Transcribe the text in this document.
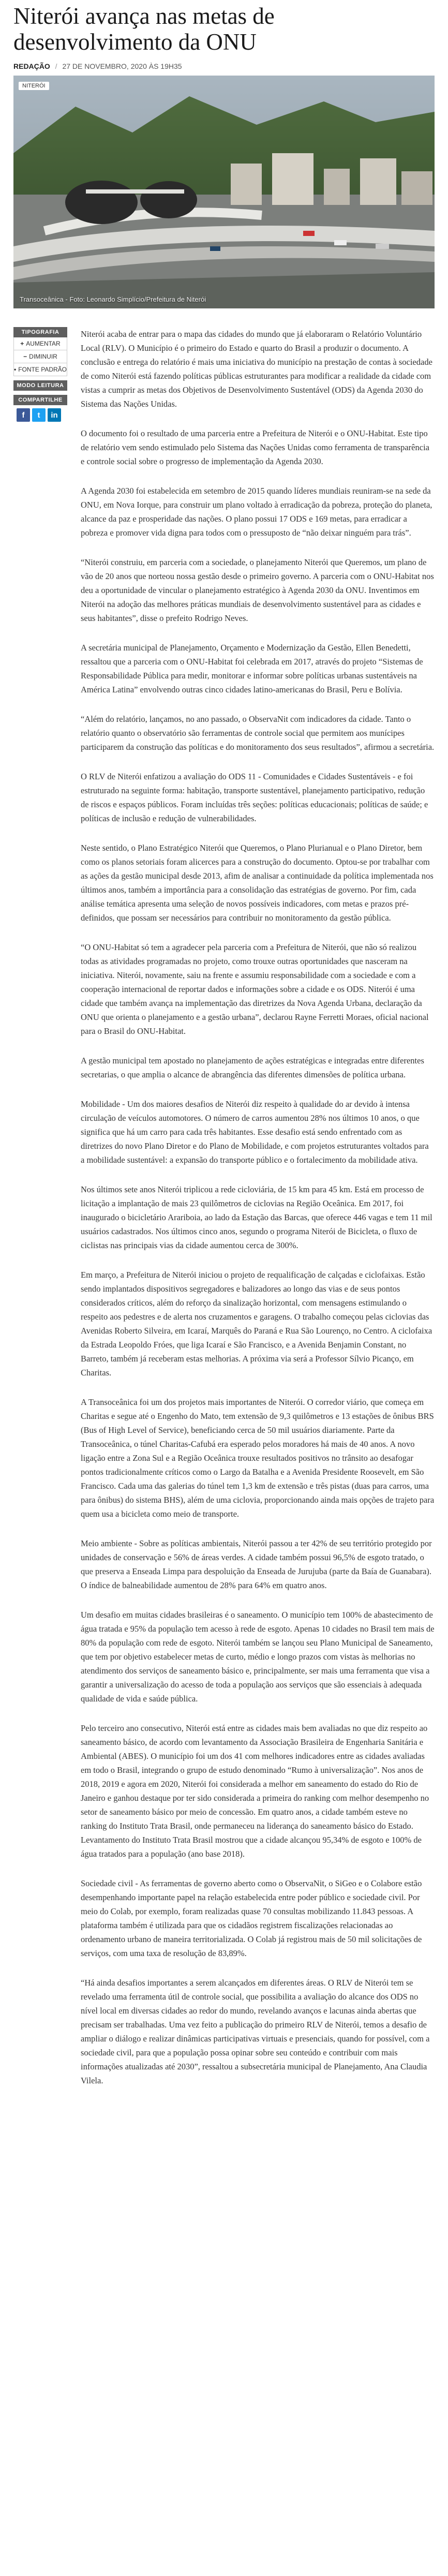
Niterói avança nas metas de desenvolvimento da ONU
REDAÇÃO / 27 DE NOVEMBRO, 2020 ÀS 19H35
NITERÓI
Transoceânica - Foto: Leonardo Simplício/Prefeitura de Niterói
TIPOGRAFIA
+ AUMENTAR
− DIMINUIR
• FONTE PADRÃO
MODO LEITURA
COMPARTILHE
f	t	in

Niterói acaba de entrar para o mapa das cidades do mundo que já elaboraram o Relatório Voluntário Local (RLV). O Município é o primeiro do Estado e quarto do Brasil a produzir o documento. A conclusão e entrega do relatório é mais uma iniciativa do município na prestação de contas à sociedade de como Niterói está fazendo políticas públicas estruturantes para modificar a realidade da cidade com vistas a cumprir as metas dos Objetivos de Desenvolvimento Sustentável (ODS) da Agenda 2030 do Sistema das Nações Unidas.

O documento foi o resultado de uma parceria entre a Prefeitura de Niterói e o ONU-Habitat. Este tipo de relatório vem sendo estimulado pelo Sistema das Nações Unidas como ferramenta de transparência e controle social sobre o progresso de implementação da Agenda 2030.

A Agenda 2030 foi estabelecida em setembro de 2015 quando líderes mundiais reuniram-se na sede da ONU, em Nova Iorque, para construir um plano voltado à erradicação da pobreza, proteção do planeta, alcance da paz e prosperidade das nações. O plano possui 17 ODS e 169 metas, para erradicar a pobreza e promover vida digna para todos com o pressuposto de “não deixar ninguém para trás”.

“Niterói construiu, em parceria com a sociedade, o planejamento Niterói que Queremos, um plano de vão de 20 anos que norteou nossa gestão desde o primeiro governo. A parceria com o ONU-Habitat nos deu a oportunidade de vincular o planejamento estratégico à Agenda 2030 da ONU. Inventimos em Niterói na adoção das melhores práticas mundiais de desenvolvimento sustentável para as cidades e seus habitantes”, disse o prefeito Rodrigo Neves.

A secretária municipal de Planejamento, Orçamento e Modernização da Gestão, Ellen Benedetti, ressaltou que a parceria com o ONU-Habitat foi celebrada em 2017, através do projeto “Sistemas de Responsabilidade Pública para medir, monitorar e informar sobre políticas urbanas sustentáveis na América Latina” envolvendo outras cinco cidades latino-americanas do Brasil, Peru e Bolívia.

“Além do relatório, lançamos, no ano passado, o ObservaNit com indicadores da cidade. Tanto o relatório quanto o observatório são ferramentas de controle social que permitem aos munícipes participarem da construção das políticas e do monitoramento dos seus resultados”, afirmou a secretária.

O RLV de Niterói enfatizou a avaliação do ODS 11 - Comunidades e Cidades Sustentáveis - e foi estruturado na seguinte forma: habitação, transporte sustentável, planejamento participativo, redução de riscos e espaços públicos. Foram incluídas três seções: políticas educacionais; políticas de saúde; e políticas de inclusão e redução de vulnerabilidades.

Neste sentido, o Plano Estratégico Niterói que Queremos, o Plano Plurianual e o Plano Diretor, bem como os planos setoriais foram alicerces para a construção do documento. Optou-se por trabalhar com as ações da gestão municipal desde 2013, afim de analisar a continuidade da política implementada nos últimos anos, também a importância para a consolidação das estratégias de governo. Por fim, cada análise temática apresenta uma seleção de novos possíveis indicadores, com metas e prazos pré-definidos, que possam ser necessários para contribuir no monitoramento da gestão pública.

“O ONU-Habitat só tem a agradecer pela parceria com a Prefeitura de Niterói, que não só realizou todas as atividades programadas no projeto, como trouxe outras oportunidades que nasceram na iniciativa. Niterói, novamente, saiu na frente e assumiu responsabilidade com a sociedade e com a cooperação internacional de reportar dados e informações sobre a cidade e os ODS. Niterói é uma cidade que também avança na implementação das diretrizes da Nova Agenda Urbana, declaração da ONU que orienta o planejamento e a gestão urbana”, declarou Rayne Ferretti Moraes, oficial nacional para o Brasil do ONU-Habitat.

A gestão municipal tem apostado no planejamento de ações estratégicas e integradas entre diferentes secretarias, o que amplia o alcance de abrangência das diferentes dimensões de política urbana.

Mobilidade - Um dos maiores desafios de Niterói diz respeito à qualidade do ar devido à intensa circulação de veículos automotores. O número de carros aumentou 28% nos últimos 10 anos, o que significa que há um carro para cada três habitantes. Esse desafio está sendo enfrentado com as diretrizes do novo Plano Diretor e do Plano de Mobilidade, e com projetos estruturantes voltados para a mobilidade sustentável: a expansão do transporte público e o fortalecimento da mobilidade ativa.

Nos últimos sete anos Niterói triplicou a rede cicloviária, de 15 km para 45 km. Está em processo de licitação a implantação de mais 23 quilômetros de ciclovias na Região Oceânica. Em 2017, foi inaugurado o bicicletário Arariboia, ao lado da Estação das Barcas, que oferece 446 vagas e tem 11 mil usuários cadastrados. Nos últimos cinco anos, segundo o programa Niterói de Bicicleta, o fluxo de ciclistas nas principais vias da cidade aumentou cerca de 300%.

Em março, a Prefeitura de Niterói iniciou o projeto de requalificação de calçadas e ciclofaixas. Estão sendo implantados dispositivos segregadores e balizadores ao longo das vias e de seus pontos considerados críticos, além do reforço da sinalização horizontal, com mensagens estimulando o respeito aos pedestres e de alerta nos cruzamentos e garagens. O trabalho começou pelas ciclovias das Avenidas Roberto Silveira, em Icaraí, Marquês do Paraná e Rua São Lourenço, no Centro. A ciclofaixa da Estrada Leopoldo Fróes, que liga Icaraí e São Francisco, e a Avenida Benjamin Constant, no Barreto, também já receberam estas melhorias. A próxima via será a Professor Sílvio Picanço, em Charitas.

A Transoceânica foi um dos projetos mais importantes de Niterói. O corredor viário, que começa em Charitas e segue até o Engenho do Mato, tem extensão de 9,3 quilômetros e 13 estações de ônibus BRS (Bus of High Level of Service), beneficiando cerca de 50 mil usuários diariamente. Parte da Transoceânica, o túnel Charitas-Cafubá era esperado pelos moradores há mais de 40 anos. A novo ligação entre a Zona Sul e a Região Oceânica trouxe resultados positivos no trânsito ao desafogar pontos tradicionalmente críticos como o Largo da Batalha e a Avenida Presidente Roosevelt, em São Francisco. Cada uma das galerias do túnel tem 1,3 km de extensão e três pistas (duas para carros, uma para ônibus) do sistema BHS), além de uma ciclovia, proporcionando ainda mais opções de trajeto para quem usa a bicicleta como meio de transporte.

Meio ambiente - Sobre as políticas ambientais, Niterói passou a ter 42% de seu território protegido por unidades de conservação e 56% de áreas verdes. A cidade também possui 96,5% de esgoto tratado, o que preserva a Enseada Limpa para despoluição da Enseada de Jurujuba (parte da Baía de Guanabara). O índice de balneabilidade aumentou de 28% para 64% em quatro anos.

Um desafio em muitas cidades brasileiras é o saneamento. O município tem 100% de abastecimento de água tratada e 95% da população tem acesso à rede de esgoto. Apenas 10 cidades no Brasil tem mais de 80% da população com rede de esgoto. Niterói também se lançou seu Plano Municipal de Saneamento, que tem por objetivo estabelecer metas de curto, médio e longo prazos com vistas às melhorias no atendimento dos serviços de saneamento básico e, principalmente, ser mais uma ferramenta que visa a garantir a universalização do acesso de toda a população aos serviços que são essenciais à adequada qualidade de vida e saúde pública.

Pelo terceiro ano consecutivo, Niterói está entre as cidades mais bem avaliadas no que diz respeito ao saneamento básico, de acordo com levantamento da Associação Brasileira de Engenharia Sanitária e Ambiental (ABES). O município foi um dos 41 com melhores indicadores entre as cidades avaliadas em todo o Brasil, integrando o grupo de estudo denominado “Rumo à universalização”. Nos anos de 2018, 2019 e agora em 2020, Niterói foi considerada a melhor em saneamento do estado do Rio de Janeiro e ganhou destaque por ter sido considerada a primeira do ranking com melhor desempenho no setor de saneamento básico por meio de concessão. Em quatro anos, a cidade também esteve no ranking do Instituto Trata Brasil, onde permaneceu na liderança do saneamento básico do Estado. Levantamento do Instituto Trata Brasil mostrou que a cidade alcançou 95,34% de esgoto e 100% de água tratados para a população (ano base 2018).

Sociedade civil - As ferramentas de governo aberto como o ObservaNit, o SiGeo e o Colabore estão desempenhando importante papel na relação estabelecida entre poder público e sociedade civil. Por meio do Colab, por exemplo, foram realizadas quase 70 consultas mobilizando 11.843 pessoas. A plataforma também é utilizada para que os cidadãos registrem fiscalizações relacionadas ao ordenamento urbano de maneira territorializada. O Colab já registrou mais de 50 mil solicitações de serviços, com uma taxa de resolução de 83,89%.

“Há ainda desafios importantes a serem alcançados em diferentes áreas. O RLV de Niterói tem se revelado uma ferramenta útil de controle social, que possibilita a avaliação do alcance dos ODS no nível local em diversas cidades ao redor do mundo, revelando avanços e lacunas ainda abertas que precisam ser trabalhadas. Uma vez feito a publicação do primeiro RLV de Niterói, temos a desafio de ampliar o diálogo e realizar dinâmicas participativas virtuais e presenciais, quando for possível, com a sociedade civil, para que a população possa opinar sobre seu conteúdo e contribuir com mais informações atualizadas até 2030”, ressaltou a subsecretária municipal de Planejamento, Ana Claudia Vilela.
